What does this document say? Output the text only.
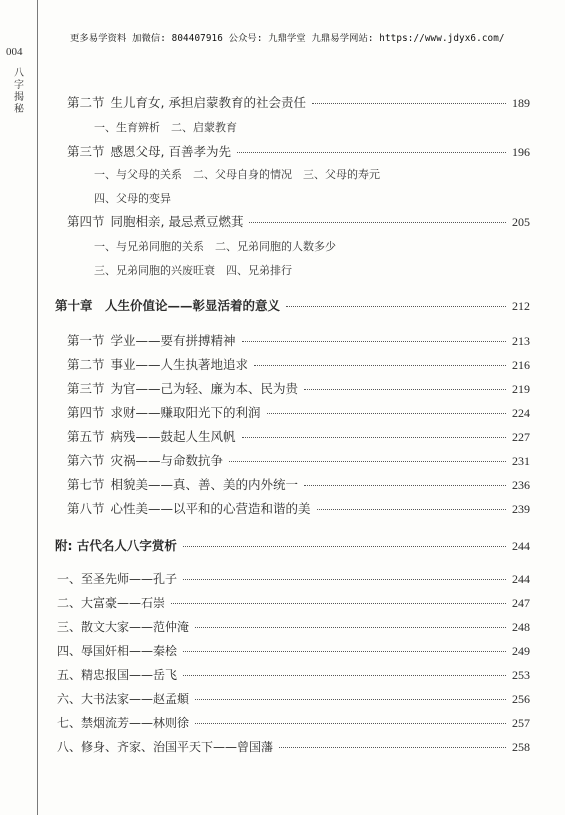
004
八字揭秘
更多易学资料 加微信: 804407916 公众号: 九鼎学堂 九鼎易学网站: https://www.jdyx6.com/
第二节 生儿育女, 承担启蒙教育的社会责任	189
一、生育辨析　二、启蒙教育
第三节 感恩父母, 百善孝为先	196
一、与父母的关系　二、父母自身的情况　三、父母的寿元
四、父母的变异
第四节 同胞相亲, 最忌煮豆燃萁	205
一、与兄弟同胞的关系　二、兄弟同胞的人数多少
三、兄弟同胞的兴废旺衰　四、兄弟排行
第十章　人生价值论——彰显活着的意义	212
第一节 学业——要有拼搏精神	213
第二节 事业——人生执著地追求	216
第三节 为官——己为轻、廉为本、民为贵	219
第四节 求财——赚取阳光下的利润	224
第五节 病残——鼓起人生风帆	227
第六节 灾祸——与命数抗争	231
第七节 相貌美——真、善、美的内外统一	236
第八节 心性美——以平和的心营造和谐的美	239
附: 古代名人八字赏析	244
一、至圣先师——孔子	244
二、大富豪——石崇	247
三、散文大家——范仲淹	248
四、辱国奸相——秦桧	249
五、精忠报国——岳飞	253
六、大书法家——赵孟頫	256
七、禁烟流芳——林则徐	257
八、修身、齐家、治国平天下——曾国藩	258
